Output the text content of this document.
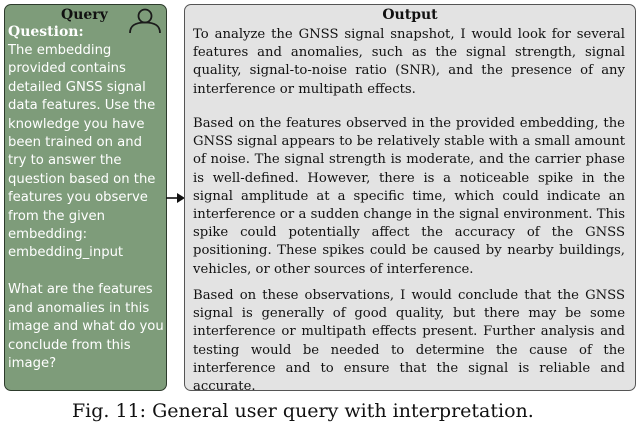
Query
Question:

The embedding provided contains detailed GNSS signal data features. Use the knowledge you have been trained on and try to answer the question based on the features you observe from the given embedding: embedding_input

What are the features and anomalies in this image and what do you conclude from this image?

Output

To analyze the GNSS signal snapshot, I would look for several features and anomalies, such as the signal strength, signal quality, signal-to-noise ratio (SNR), and the presence of any interference or multipath effects.

Based on the features observed in the provided embedding, the GNSS signal appears to be relatively stable with a small amount of noise. The signal strength is moderate, and the carrier phase is well-defined. However, there is a noticeable spike in the signal amplitude at a specific time, which could indicate an interference or a sudden change in the signal environment. This spike could potentially affect the accuracy of the GNSS positioning. These spikes could be caused by nearby buildings, vehicles, or other sources of interference.

Based on these observations, I would conclude that the GNSS signal is generally of good quality, but there may be some interference or multipath effects present. Further analysis and testing would be needed to determine the cause of the interference and to ensure that the signal is reliable and accurate.

Fig. 11: General user query with interpretation.
